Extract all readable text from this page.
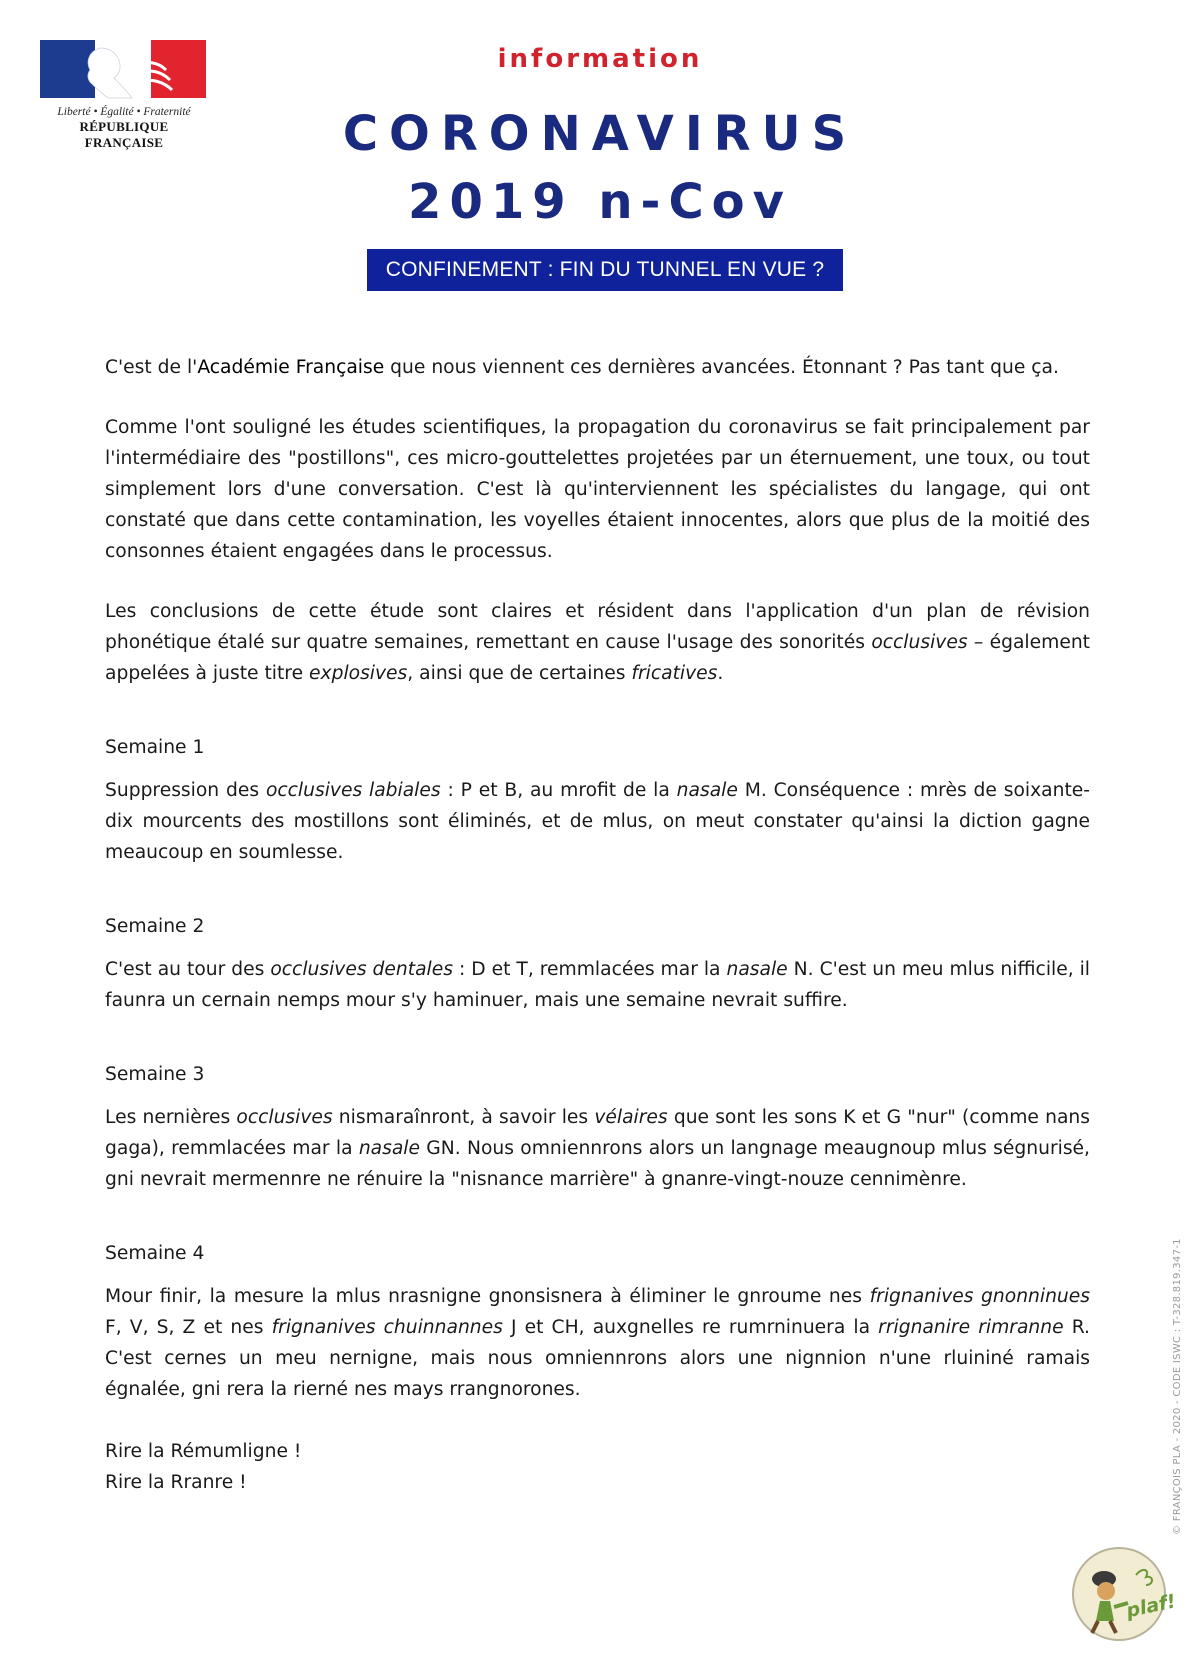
Liberté • Égalité • Fraternité
RÉPUBLIQUE FRANÇAISE
information
CORONAVIRUS
2019 n-Cov
CONFINEMENT : FIN DU TUNNEL EN VUE ?

C'est de l'Académie Française que nous viennent ces dernières avancées. Étonnant ? Pas tant que ça.

Comme l'ont souligné les études scientifiques, la propagation du coronavirus se fait principalement par l'intermédiaire des "postillons", ces micro-gouttelettes projetées par un éternuement, une toux, ou tout simplement lors d'une conversation. C'est là qu'interviennent les spécialistes du langage, qui ont constaté que dans cette contamination, les voyelles étaient innocentes, alors que plus de la moitié des consonnes étaient engagées dans le processus.

Les conclusions de cette étude sont claires et résident dans l'application d'un plan de révision phonétique étalé sur quatre semaines, remettant en cause l'usage des sonorités occlusives – également appelées à juste titre explosives, ainsi que de certaines fricatives.

Semaine 1

Suppression des occlusives labiales : P et B, au mrofit de la nasale M. Conséquence : mrès de soixante-dix mourcents des mostillons sont éliminés, et de mlus, on meut constater qu'ainsi la diction gagne meaucoup en soumlesse.

Semaine 2

C'est au tour des occlusives dentales : D et T, remmlacées mar la nasale N. C'est un meu mlus nifficile, il faunra un cernain nemps mour s'y haminuer, mais une semaine nevrait suffire.

Semaine 3

Les nernières occlusives nismaraînront, à savoir les vélaires que sont les sons K et G "nur" (comme nans gaga), remmlacées mar la nasale GN. Nous omniennrons alors un langnage meaugnoup mlus ségnurisé, gni nevrait mermennre ne rénuire la "nisnance marrière" à gnanre-vingt-nouze cennimènre.

Semaine 4

Mour finir, la mesure la mlus nrasnigne gnonsisnera à éliminer le gnroume nes frignanives gnonninues F, V, S, Z et nes frignanives chuinnannes J et CH, auxgnelles re rumrninuera la rrignanire rimranne R. C'est cernes un meu nernigne, mais nous omniennrons alors une nignnion n'une rluininé ramais égnalée, gni rera la rierné nes mays rrangnorones.

Rire la Rémumligne !

Rire la Rranre !	© FRANÇOIS PLA - 2020 - CODE ISWC : T-328.819.347-1
plaf!
